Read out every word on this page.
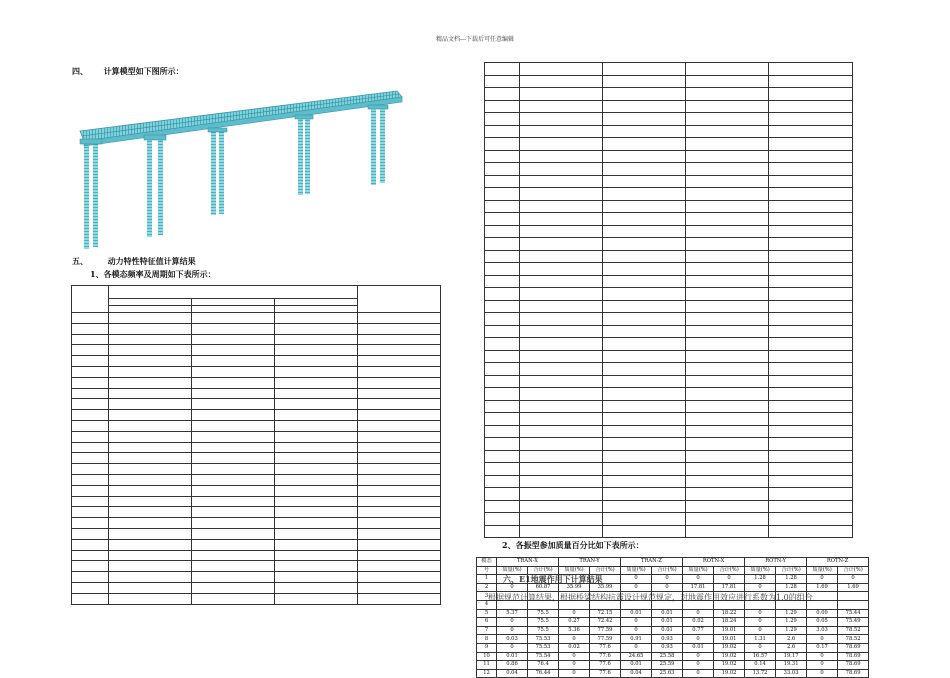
精品文档---下载后可任意编辑
四、 计算模型如下图所示：
五、 动力特性特征值计算结果
1、各模态频率及周期如下表所示：

2、各振型参加质量百分比如下表所示：
模态	TRAN-X		TRAN-Y		TRAN-Z		ROTN-X		ROTN-Y		ROTN-Z	
号	质量(%)	合计(%)	质量(%)	合计(%)	质量(%)	合计(%)	质量(%)	合计(%)	质量(%)	合计(%)	质量(%)	合计(%)
1					0	0	0	0	1.28	1.28	0	0
2	0	60.87	35.99	35.99	0	0	17.81	17.81	0	1.28	1.69	1.69
3												
4												
5	5.37	75.5	0	72.15	0.01	0.01	0	18.22	0	1.29	0.09	75.44
6	0	75.5	0.27	72.42	0	0.01	0.02	18.24	0	1.29	0.05	75.49
7	0	75.5	5.36	77.59	0	0.01	0.77	19.01	0	1.29	3.03	78.52
8	0.03	75.53	0	77.59	0.91	0.93	0	19.01	1.31	2.6	0	78.52
9	0	75.53	0.02	77.6	0	0.93	0.01	19.02	0	2.6	0.17	78.69
10	0.01	75.54	0	77.6	24.65	25.58	0	19.02	16.57	19.17	0	78.69
11	0.86	76.4	0	77.6	0.01	25.59	0	19.02	0.14	19.31	0	78.69
12	0.04	76.44	0	77.6	0.04	25.63	0	19.02	13.72	33.03	0	78.69
六、E1地震作用下计算结果
根据规范计算结果，根据桥梁结构抗震设计规范规定，对地震作用效应进行系数为1.0的组合
